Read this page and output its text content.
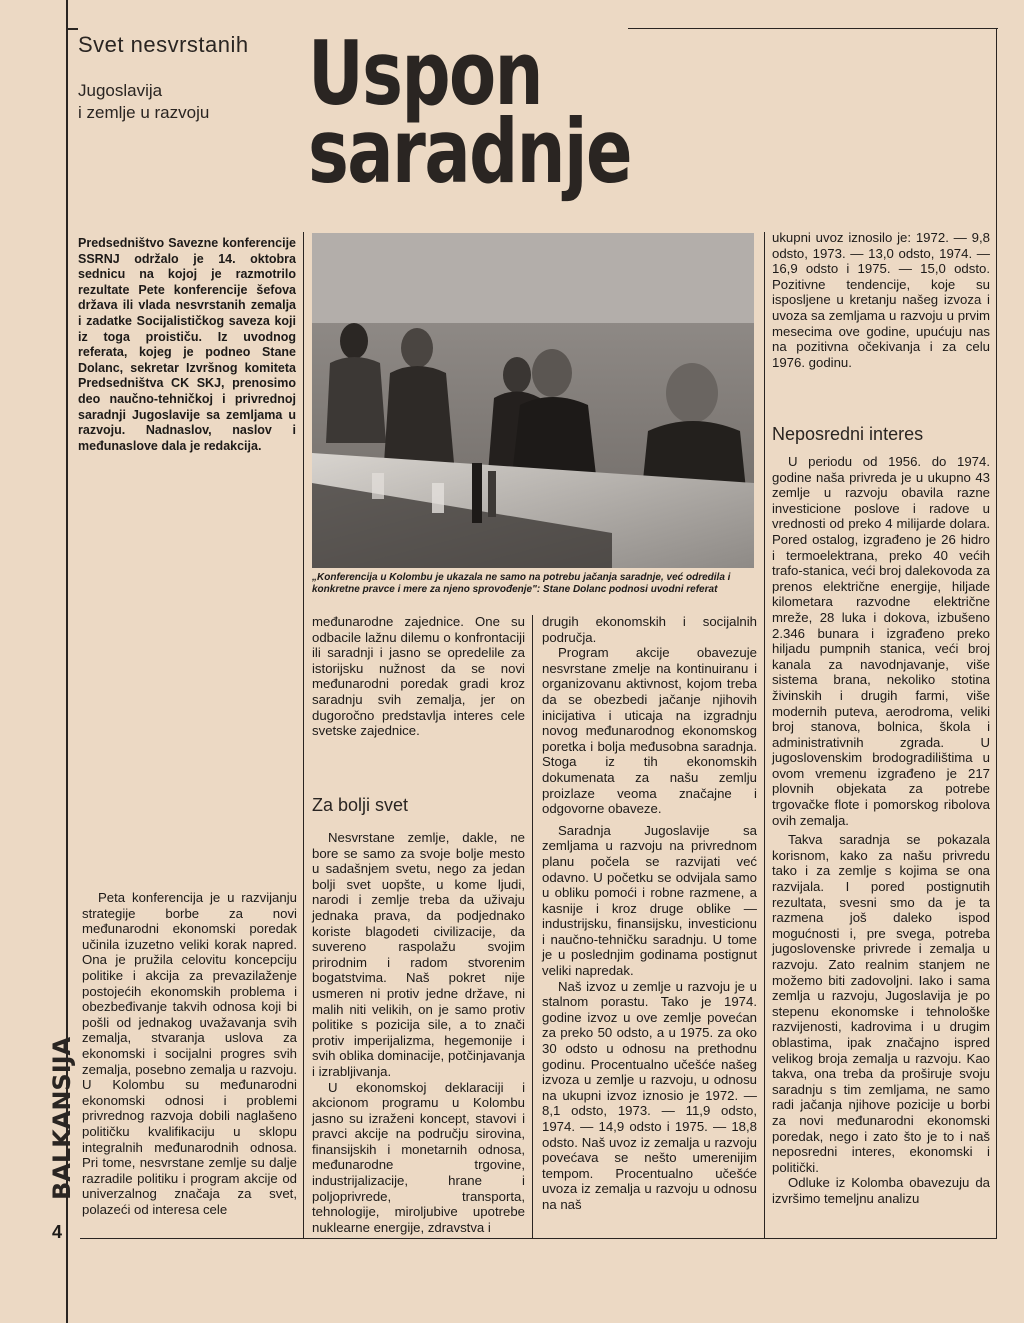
Svet nesvrstanih
Jugoslavija
i zemlje u razvoju Uspon
saradnje
Predsedništvo Savezne konferencije SSRNJ održalo je 14. oktobra sednicu na kojoj je razmotrilo rezultate Pete konferencije šefova država ili vlada nesvrstanih zemalja i zadatke Socijalističkog saveza koji iz toga proističu. Iz uvodnog referata, kojeg je podneo Stane Dolanc, sekretar Izvršnog komiteta Predsedništva CK SKJ, prenosimo deo naučno-tehničkoj i privrednoj saradnji Jugoslavije sa zemljama u razvoju. Nadnaslov, naslov i međunaslove dala je redakcija.
„Konferencija u Kolombu je ukazala ne samo na potrebu jačanja saradnje, već odredila i konkretne pravce i mere za njeno sprovođenje": Stane Dolanc podnosi uvodni referat

Peta konferencija je u razvijanju strategije borbe za novi međunarodni ekonomski poredak učinila izuzetno veliki korak napred. Ona je pružila celovitu koncepciju politike i akcija za prevazilaženje postojećih ekonomskih problema i obezbeđivanje takvih odnosa koji bi pošli od jednakog uvažavanja svih zemalja, stvaranja uslova za ekonomski i socijalni progres svih zemalja, posebno zemalja u razvoju. U Kolombu su međunarodni ekonomski odnosi i problemi privrednog razvoja dobili naglašeno političku kvalifikaciju u sklopu integralnih međunarodnih odnosa. Pri tome, nesvrstane zemlje su dalje razradile politiku i program akcije od univerzalnog značaja za svet, polazeći od interesa cele

međunarodne zajednice. One su odbacile lažnu dilemu o konfrontaciji ili saradnji i jasno se opredelile za istorijsku nužnost da se novi međunarodni poredak gradi kroz saradnju svih zemalja, jer on dugoročno predstavlja interes cele svetske zajednice.

Za bolji svet

Nesvrstane zemlje, dakle, ne bore se samo za svoje bolje mesto u sadašnjem svetu, nego za jedan bolji svet uopšte, u kome ljudi, narodi i zemlje treba da uživaju jednaka prava, da podjednako koriste blagodeti civilizacije, da suvereno raspolažu svojim prirodnim i radom stvorenim bogatstvima. Naš pokret nije usmeren ni protiv jedne države, ni malih niti velikih, on je samo protiv politike s pozicija sile, a to znači protiv imperijalizma, hegemonije i svih oblika dominacije, potčinjavanja i izrabljivanja.

U ekonomskoj deklaraciji i akcionom programu u Kolombu jasno su izraženi koncept, stavovi i pravci akcije na području sirovina, finansijskih i monetarnih odnosa, međunarodne trgovine, industrijalizacije, hrane i poljoprivrede, transporta, tehnologije, miroljubive upotrebe nuklearne energije, zdravstva i

drugih ekonomskih i socijalnih područja.

Program akcije obavezuje nesvrstane zmelje na kontinuiranu i organizovanu aktivnost, kojom treba da se obezbedi jačanje njihovih inicijativa i uticaja na izgradnju novog međunarodnog ekonomskog poretka i bolja međusobna saradnja. Stoga iz tih ekonomskih dokumenata za našu zemlju proizlaze veoma značajne i odgovorne obaveze.

Saradnja Jugoslavije sa zemljama u razvoju na privrednom planu počela se razvijati već odavno. U početku se odvijala samo u obliku pomoći i robne razmene, a kasnije i kroz druge oblike — industrijsku, finansijsku, investicionu i naučno-tehničku saradnju. U tome je u poslednjim godinama postignut veliki napredak.

Naš izvoz u zemlje u razvoju je u stalnom porastu. Tako je 1974. godine izvoz u ove zemlje povećan za preko 50 odsto, a u 1975. za oko 30 odsto u odnosu na prethodnu godinu. Procentualno učešće našeg izvoza u zemlje u razvoju, u odnosu na ukupni izvoz iznosio je 1972. — 8,1 odsto, 1973. — 11,9 odsto, 1974. — 14,9 odsto i 1975. — 18,8 odsto. Naš uvoz iz zemalja u razvoju povećava se nešto umerenijim tempom. Procentualno učešće uvoza iz zemalja u razvoju u odnosu na naš

ukupni uvoz iznosilo je: 1972. — 9,8 odsto, 1973. — 13,0 odsto, 1974. — 16,9 odsto i 1975. — 15,0 odsto. Pozitivne tendencije, koje su isposljene u kretanju našeg izvoza i uvoza sa zemljama u razvoju u prvim mesecima ove godine, upućuju nas na pozitivna očekivanja i za celu 1976. godinu.

Neposredni interes

U periodu od 1956. do 1974. godine naša privreda je u ukupno 43 zemlje u razvoju obavila razne investicione poslove i radove u vrednosti od preko 4 milijarde dolara. Pored ostalog, izgrađeno je 26 hidro i termoelektrana, preko 40 većih trafo-stanica, veći broj dalekovoda za prenos električne energije, hiljade kilometara razvodne električne mreže, 28 luka i dokova, izbušeno 2.346 bunara i izgrađeno preko hiljadu pumpnih stanica, veći broj kanala za navodnjavanje, više sistema brana, nekoliko stotina živinskih i drugih farmi, više modernih puteva, aerodroma, veliki broj stanova, bolnica, škola i administrativnih zgrada. U jugoslovenskim brodogradilištima u ovom vremenu izgrađeno je 217 plovnih objekata za potrebe trgovačke flote i pomorskog ribolova ovih zemalja.

Takva saradnja se pokazala korisnom, kako za našu privredu tako i za zemlje s kojima se ona razvijala. I pored postignutih rezultata, svesni smo da je ta razmena još daleko ispod mogućnosti i, pre svega, potreba jugoslovenske privrede i zemalja u razvoju. Zato realnim stanjem ne možemo biti zadovoljni. Iako i sama zemlja u razvoju, Jugoslavija je po stepenu ekonomske i tehnološke razvijenosti, kadrovima i u drugim oblastima, ipak značajno ispred velikog broja zemalja u razvoju. Kao takva, ona treba da proširuje svoju saradnju s tim zemljama, ne samo radi jačanja njihove pozicije u borbi za novi međunarodni ekonomski poredak, nego i zato što je to i naš neposredni interes, ekonomski i politički.

Odluke iz Kolomba obavezuju da izvršimo temeljnu analizu

BALKANSIJA
4
